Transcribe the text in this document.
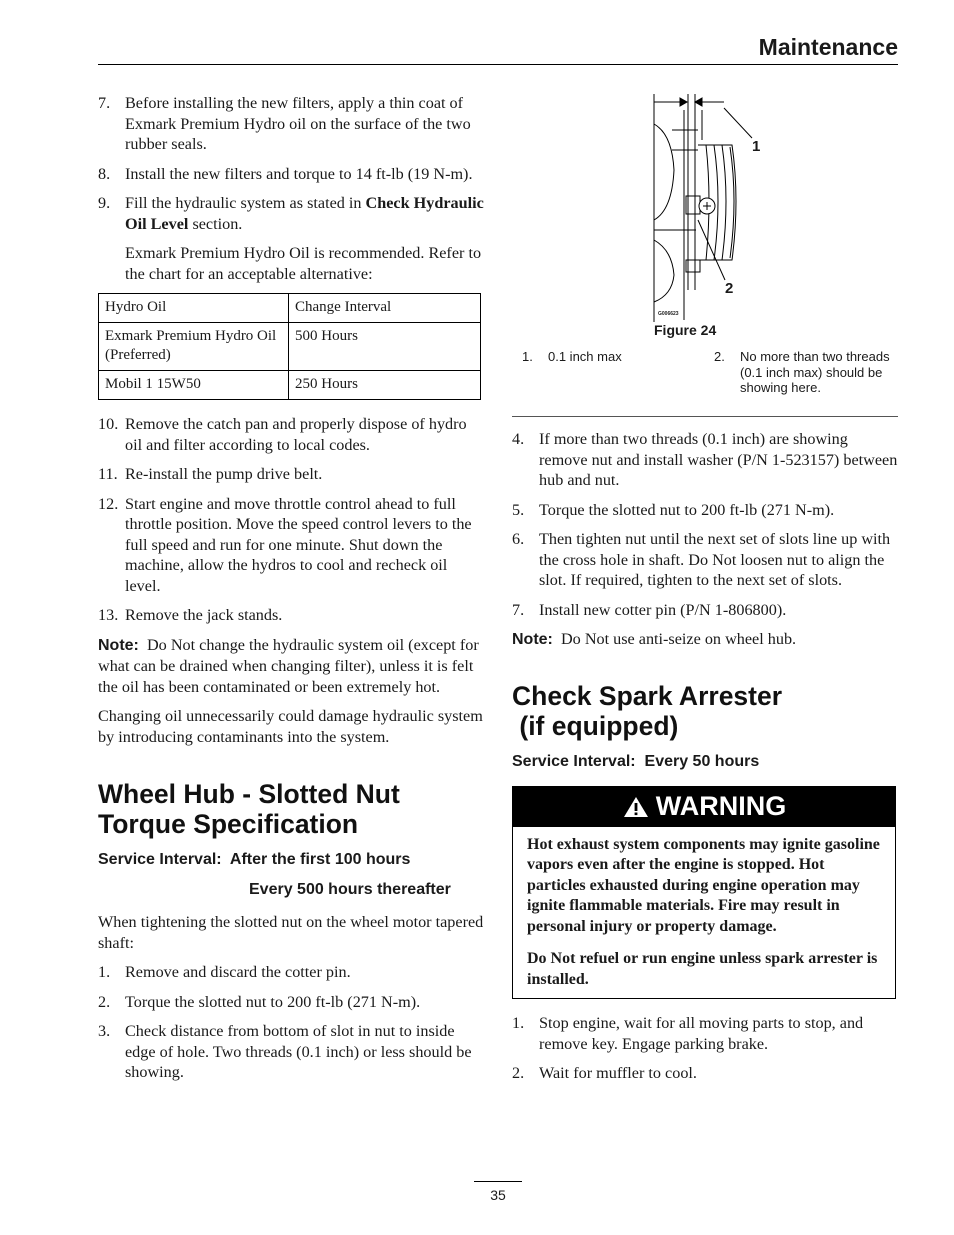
Maintenance
7. Before installing the new filters, apply a thin coat of Exmark Premium Hydro oil on the surface of the two rubber seals.
8. Install the new filters and torque to 14 ft-lb (19 N-m).
9. Fill the hydraulic system as stated in Check Hydraulic Oil Level section.
Exmark Premium Hydro Oil is recommended. Refer to the chart for an acceptable alternative:
Hydro Oil	Change Interval
Exmark Premium Hydro Oil (Preferred)	500 Hours
Mobil 1 15W50	250 Hours
10. Remove the catch pan and properly dispose of hydro oil and filter according to local codes.
11. Re-install the pump drive belt.
12. Start engine and move throttle control ahead to full throttle position. Move the speed control levers to the full speed and run for one minute. Shut down the machine, allow the hydros to cool and recheck oil level.
13. Remove the jack stands.
Note: Do Not change the hydraulic system oil (except for what can be drained when changing filter), unless it is felt the oil has been contaminated or been extremely hot.
Changing oil unnecessarily could damage hydraulic system by introducing contaminants into the system.
Wheel Hub - Slotted Nut
Torque Specification
Service Interval: After the first 100 hours
Every 500 hours thereafter
When tightening the slotted nut on the wheel motor tapered shaft:
1. Remove and discard the cotter pin.
2. Torque the slotted nut to 200 ft-lb (271 N-m).
3. Check distance from bottom of slot in nut to inside edge of hole. Two threads (0.1 inch) or less should be showing.
1
2
G006623
Figure 24
1.	0.1 inch max	2.	No more than two threads (0.1 inch max) should be showing here.
4. If more than two threads (0.1 inch) are showing remove nut and install washer (P/N 1-523157) between hub and nut.
5. Torque the slotted nut to 200 ft-lb (271 N-m).
6. Then tighten nut until the next set of slots line up with the cross hole in shaft. Do Not loosen nut to align the slot. If required, tighten to the next set of slots.
7. Install new cotter pin (P/N 1-806800).
Note: Do Not use anti-seize on wheel hub.
Check Spark Arrester
(if equipped)
Service Interval: Every 50 hours
WARNING

Hot exhaust system components may ignite gasoline vapors even after the engine is stopped. Hot particles exhausted during engine operation may ignite flammable materials. Fire may result in personal injury or property damage.

Do Not refuel or run engine unless spark arrester is installed.

1. Stop engine, wait for all moving parts to stop, and remove key. Engage parking brake.
2. Wait for muffler to cool.
35
